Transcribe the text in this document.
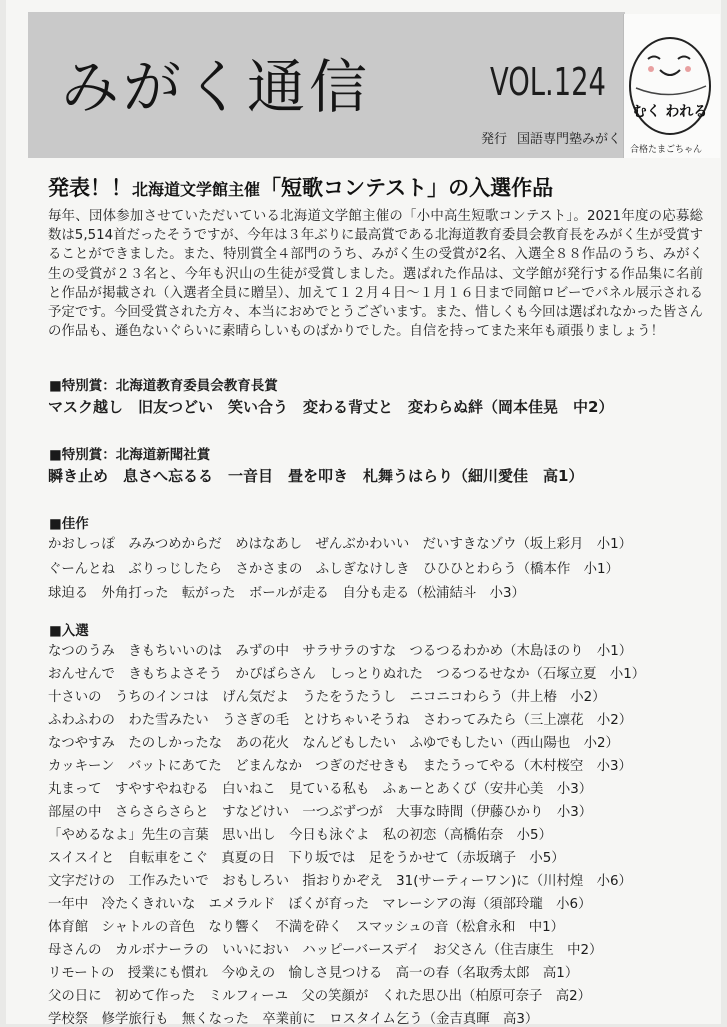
みがく通信	VOL.124
発行 国語専門塾みがく
むく われる
合格たまごちゃん
発表！！北海道文学館主催「短歌コンテスト」の入選作品
毎年、団体参加させていただいている北海道文学館主催の「小中高生短歌コンテスト」。2021年度の応募総数は5,514首だったそうですが、今年は３年ぶりに最高賞である北海道教育委員会教育長をみがく生が受賞することができました。また、特別賞全４部門のうち、みがく生の受賞が2名、入選全８８作品のうち、みがく生の受賞が２３名と、今年も沢山の生徒が受賞しました。選ばれた作品は、文学館が発行する作品集に名前と作品が掲載され（入選者全員に贈呈）、加えて１２月４日～１月１６日まで同館ロビーでパネル展示される予定です。今回受賞された方々、本当におめでとうございます。また、惜しくも今回は選ばれなかった皆さんの作品も、遜色ないぐらいに素晴らしいものばかりでした。自信を持ってまた来年も頑張りましょう！
■特別賞：北海道教育委員会教育長賞
マスク越し　旧友つどい　笑い合う　変わる背丈と　変わらぬ絆（岡本佳晃　中2）
■特別賞：北海道新聞社賞
瞬き止め　息さへ忘るる　一音目　畳を叩き　札舞うはらり（細川愛佳　高1）
■佳作
かおしっぽ　みみつめからだ　めはなあし　ぜんぶかわいい　だいすきなゾウ（坂上彩月　小1）
ぐーんとね　ぶりっじしたら　さかさまの　ふしぎなけしき　ひひひとわらう（橋本作　小1）
球迫る　外角打った　転がった　ボールが走る　自分も走る（松浦結斗　小3）
■入選
なつのうみ　きもちいいのは　みずの中　サラサラのすな　つるつるわかめ（木島ほのり　小1）
おんせんで　きもちよさそう　かぴばらさん　しっとりぬれた　つるつるせなか（石塚立夏　小1）
十さいの　うちのインコは　げん気だよ　うたをうたうし　ニコニコわらう（井上椿　小2）
ふわふわの　わた雪みたい　うさぎの毛　とけちゃいそうね　さわってみたら（三上凛花　小2）
なつやすみ　たのしかったな　あの花火　なんどもしたい　ふゆでもしたい（西山陽也　小2）
カッキーン　バットにあてた　どまんなか　つぎのだせきも　またうってやる（木村桜空　小3）
丸まって　すやすやねむる　白いねこ　見ている私も　ふぁーとあくび（安井心美　小3）
部屋の中　さらさらさらと　すなどけい　一つぶずつが　大事な時間（伊藤ひかり　小3）
「やめるなよ」先生の言葉　思い出し　今日も泳ぐよ　私の初恋（高橋佑奈　小5）
スイスイと　自転車をこぐ　真夏の日　下り坂では　足をうかせて（赤坂璃子　小5）
文字だけの　工作みたいで　おもしろい　指おりかぞえ　31(サーティーワン)に（川村煌　小6）
一年中　冷たくきれいな　エメラルド　ぼくが育った　マレーシアの海（須部玲瓏　小6）
体育館　シャトルの音色　なり響く　不満を砕く　スマッシュの音（松倉永和　中1）
母さんの　カルボナーラの　いいにおい　ハッピーバースデイ　お父さん（住吉康生　中2）
リモートの　授業にも慣れ　今ゆえの　愉しさ見つける　高一の春（名取秀太郎　高1）
父の日に　初めて作った　ミルフィーユ　父の笑顔が　くれた思ひ出（柏原可奈子　高2）
学校祭　修学旅行も　無くなった　卒業前に　ロスタイム乞う（金吉真暉　高3）
